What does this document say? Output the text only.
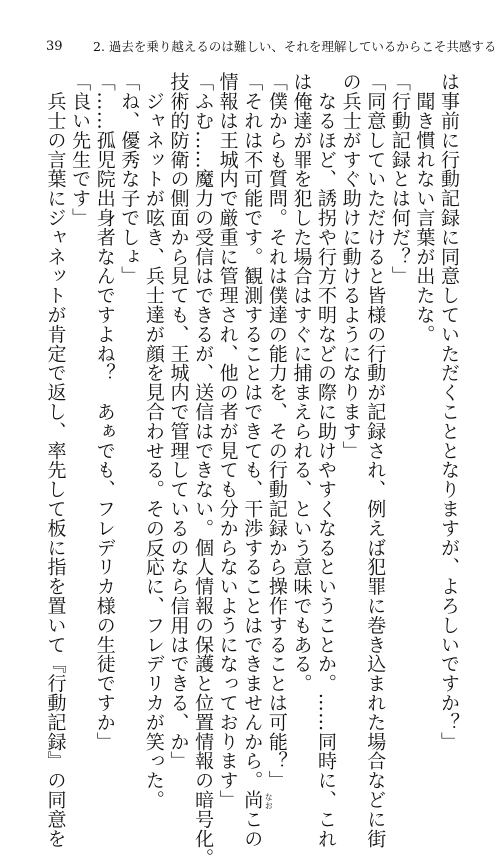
39 2. 過去を乗り越えるのは難しい、それを理解しているからこそ共感する
は事前に行動記録に同意していただくこととなりますが、よろしいですか？」
　聞き慣れない言葉が出たな。
「行動記録とは何だ？」
「同意していただけると皆様の行動が記録され、例えば犯罪に巻き込まれた場合などに街
の兵士がすぐ助けに動けるようになります」
　なるほど、誘拐や行方不明などの際に助けやすくなるということか。……同時に、これ
は俺達が罪を犯した場合はすぐに捕まえられる、という意味でもある。
「僕からも質問。それは僕達の能力を、その行動記録から操作することは可能？」
「それは不可能です。観測することはできても、干渉することはできませんから。尚 なお
この
情報は王城内で厳重に管理され、他の者が見ても分からないようになっております」
「ふむ……魔力の受信はできるが、送信はできない。個人情報の保護と位置情報の暗号化。
技術的防衛の側面から見ても、王城内で管理しているのなら信用はできる、か」
　ジャネットが呟き、兵士達が顔を見合わせる。その反応に、フレデリカが笑った。
「ね、優秀な子でしょ」
「……孤児院出身者なんですよね？　あぁでも、フレデリカ様の生徒ですか」
「良い先生です」
　兵士の言葉にジャネットが肯定で返し、率先して板に指を置いて『行動記録』の同意を
